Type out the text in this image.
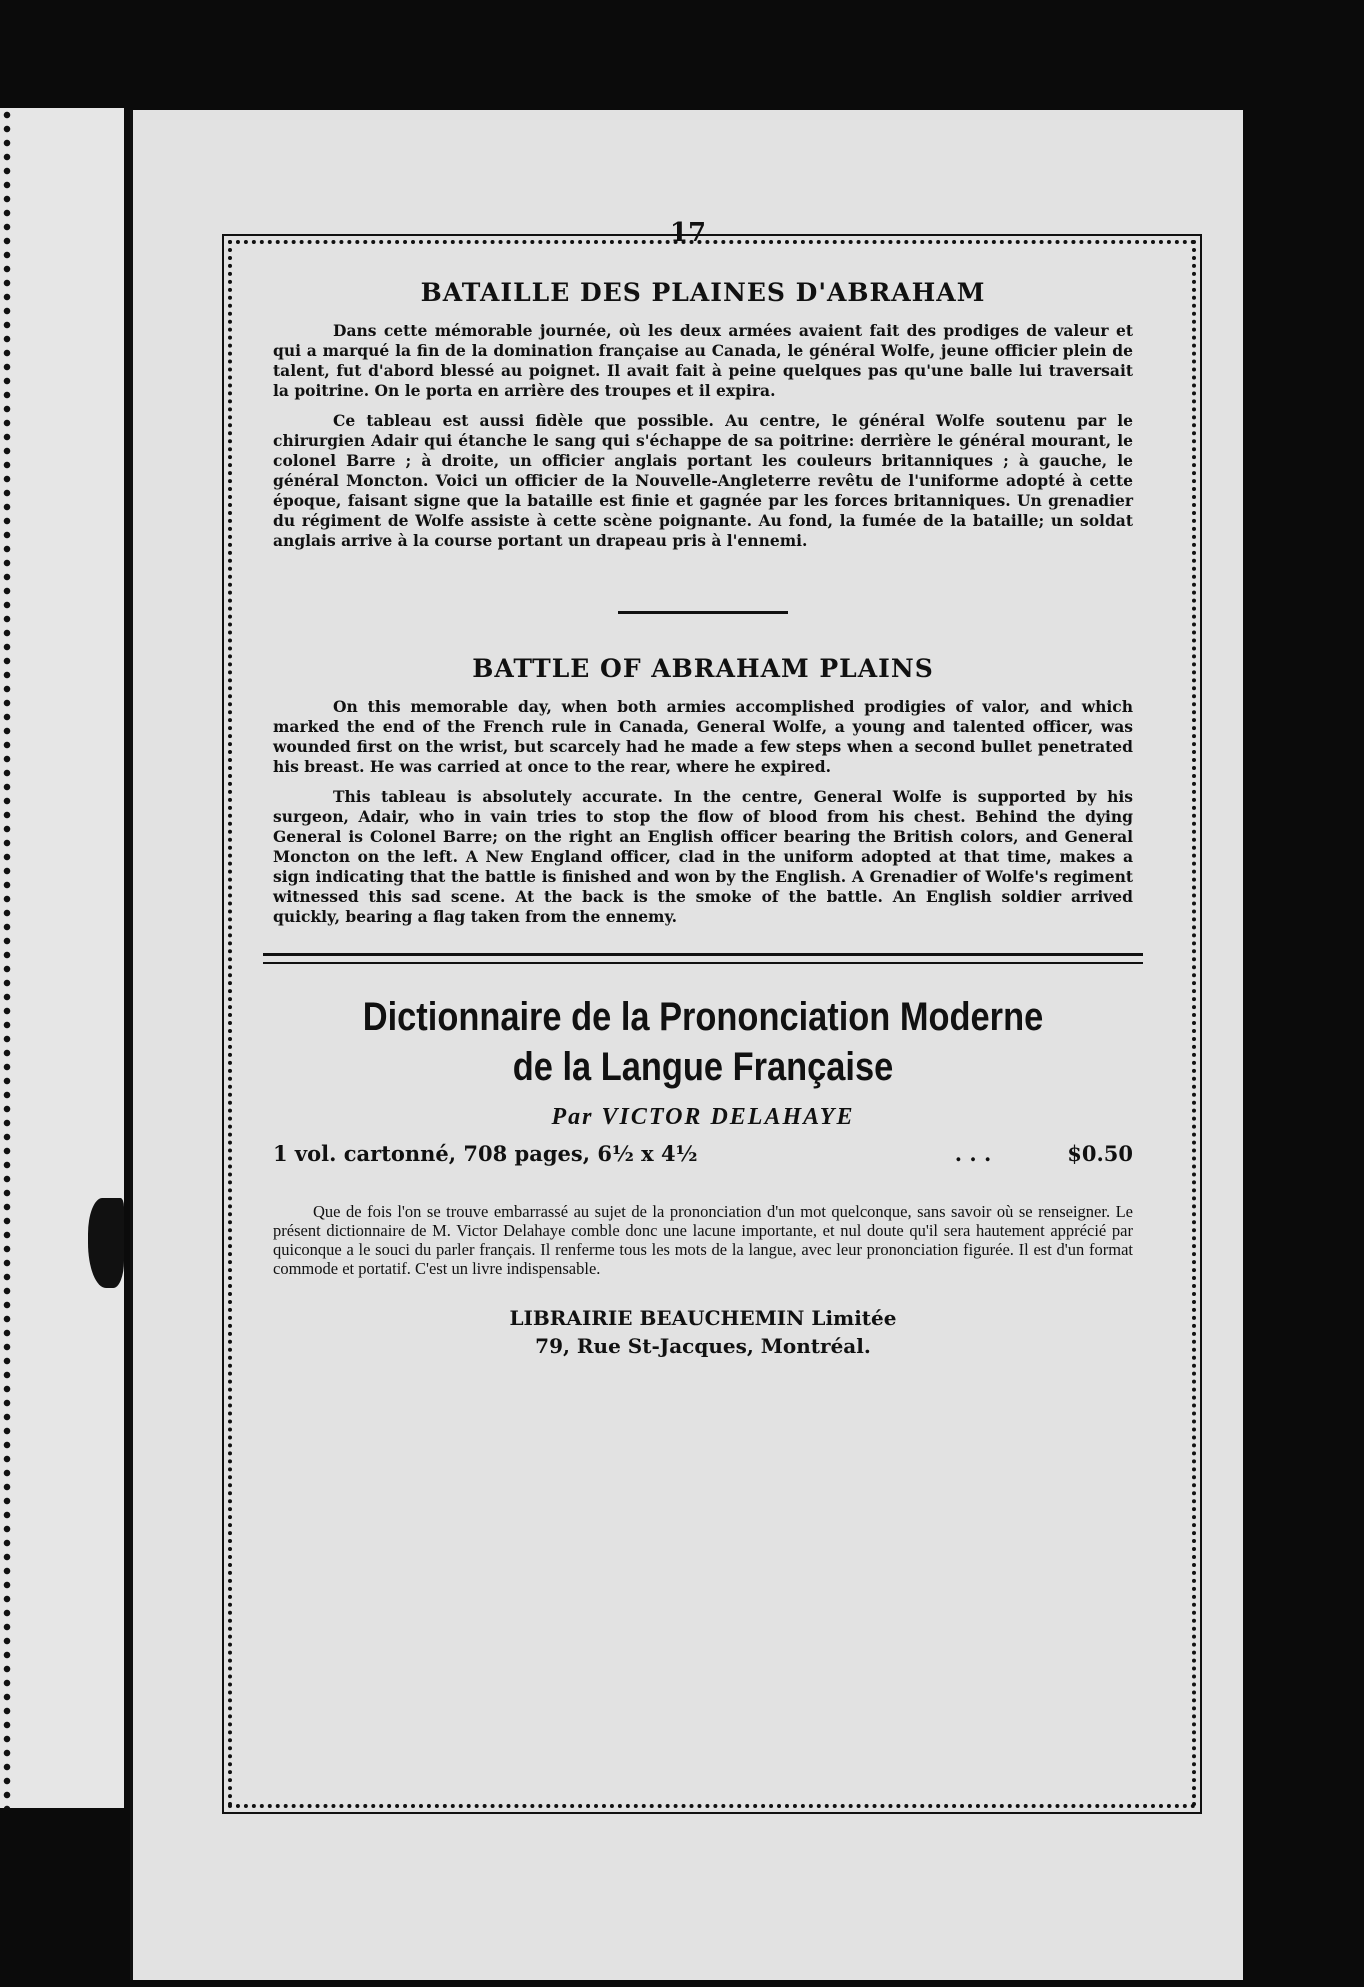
17
BATAILLE DES PLAINES D'ABRAHAM

Dans cette mémorable journée, où les deux armées avaient fait des prodiges de valeur et qui a marqué la fin de la domination française au Canada, le général Wolfe, jeune officier plein de talent, fut d'abord blessé au poignet. Il avait fait à peine quelques pas qu'une balle lui traversait la poitrine. On le porta en arrière des troupes et il expira.

Ce tableau est aussi fidèle que possible. Au centre, le général Wolfe soutenu par le chirurgien Adair qui étanche le sang qui s'échappe de sa poitrine: derrière le général mourant, le colonel Barre ; à droite, un officier anglais portant les couleurs britanniques ; à gauche, le général Moncton. Voici un officier de la Nouvelle-Angleterre revêtu de l'uniforme adopté à cette époque, faisant signe que la bataille est finie et gagnée par les forces britanniques. Un grenadier du régiment de Wolfe assiste à cette scène poignante. Au fond, la fumée de la bataille; un soldat anglais arrive à la course portant un drapeau pris à l'ennemi.

BATTLE OF ABRAHAM PLAINS

On this memorable day, when both armies accomplished prodigies of valor, and which marked the end of the French rule in Canada, General Wolfe, a young and talented officer, was wounded first on the wrist, but scarcely had he made a few steps when a second bullet penetrated his breast. He was carried at once to the rear, where he expired.

This tableau is absolutely accurate. In the centre, General Wolfe is supported by his surgeon, Adair, who in vain tries to stop the flow of blood from his chest. Behind the dying General is Colonel Barre; on the right an English officer bearing the British colors, and General Moncton on the left. A New England officer, clad in the uniform adopted at that time, makes a sign indicating that the battle is finished and won by the English. A Grenadier of Wolfe's regiment witnessed this sad scene. At the back is the smoke of the battle. An English soldier arrived quickly, bearing a flag taken from the ennemy.

Dictionnaire de la Prononciation Moderne
de la Langue Française
Par VICTOR DELAHAYE
1 vol. cartonné, 708 pages, 6½ x 4½	. . .	$0.50

Que de fois l'on se trouve embarrassé au sujet de la prononciation d'un mot quelconque, sans savoir où se renseigner. Le présent dictionnaire de M. Victor Delahaye comble donc une lacune importante, et nul doute qu'il sera hautement apprécié par quiconque a le souci du parler français. Il renferme tous les mots de la langue, avec leur prononciation figurée. Il est d'un format commode et portatif. C'est un livre indispensable.

LIBRAIRIE BEAUCHEMIN Limitée
79, Rue St-Jacques, Montréal.
